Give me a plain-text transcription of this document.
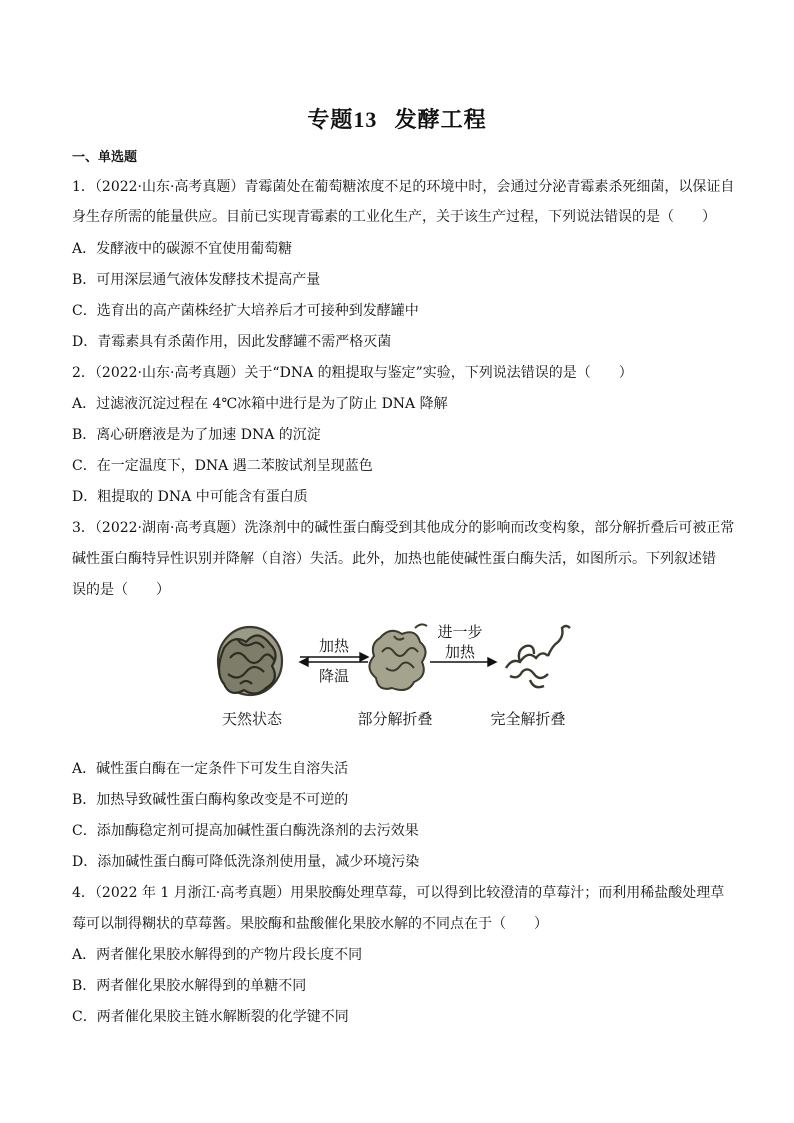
专题13  发酵工程
一、单选题
1．（2022·山东·高考真题）青霉菌处在葡萄糖浓度不足的环境中时，会通过分泌青霉素杀死细菌，以保证自
身生存所需的能量供应。目前已实现青霉素的工业化生产，关于该生产过程，下列说法错误的是（　　）
A．发酵液中的碳源不宜使用葡萄糖
B．可用深层通气液体发酵技术提高产量
C．选育出的高产菌株经扩大培养后才可接种到发酵罐中
D．青霉素具有杀菌作用，因此发酵罐不需严格灭菌
2．（2022·山东·高考真题）关于“DNA 的粗提取与鉴定”实验，下列说法错误的是（　　）
A．过滤液沉淀过程在 4℃冰箱中进行是为了防止 DNA 降解
B．离心研磨液是为了加速 DNA 的沉淀
C．在一定温度下，DNA 遇二苯胺试剂呈现蓝色
D．粗提取的 DNA 中可能含有蛋白质
3．（2022·湖南·高考真题）洗涤剂中的碱性蛋白酶受到其他成分的影响而改变构象，部分解折叠后可被正常
碱性蛋白酶特异性识别并降解（自溶）失活。此外，加热也能使碱性蛋白酶失活，如图所示。下列叙述错
误的是（　　）
加热
降温
进一步
加热
天然状态	部分解折叠	完全解折叠
A．碱性蛋白酶在一定条件下可发生自溶失活
B．加热导致碱性蛋白酶构象改变是不可逆的
C．添加酶稳定剂可提高加碱性蛋白酶洗涤剂的去污效果
D．添加碱性蛋白酶可降低洗涤剂使用量，减少环境污染
4．（2022 年 1 月浙江·高考真题）用果胶酶处理草莓，可以得到比较澄清的草莓汁；而利用稀盐酸处理草
莓可以制得糊状的草莓酱。果胶酶和盐酸催化果胶水解的不同点在于（　　）
A．两者催化果胶水解得到的产物片段长度不同
B．两者催化果胶水解得到的单糖不同
C．两者催化果胶主链水解断裂的化学键不同
